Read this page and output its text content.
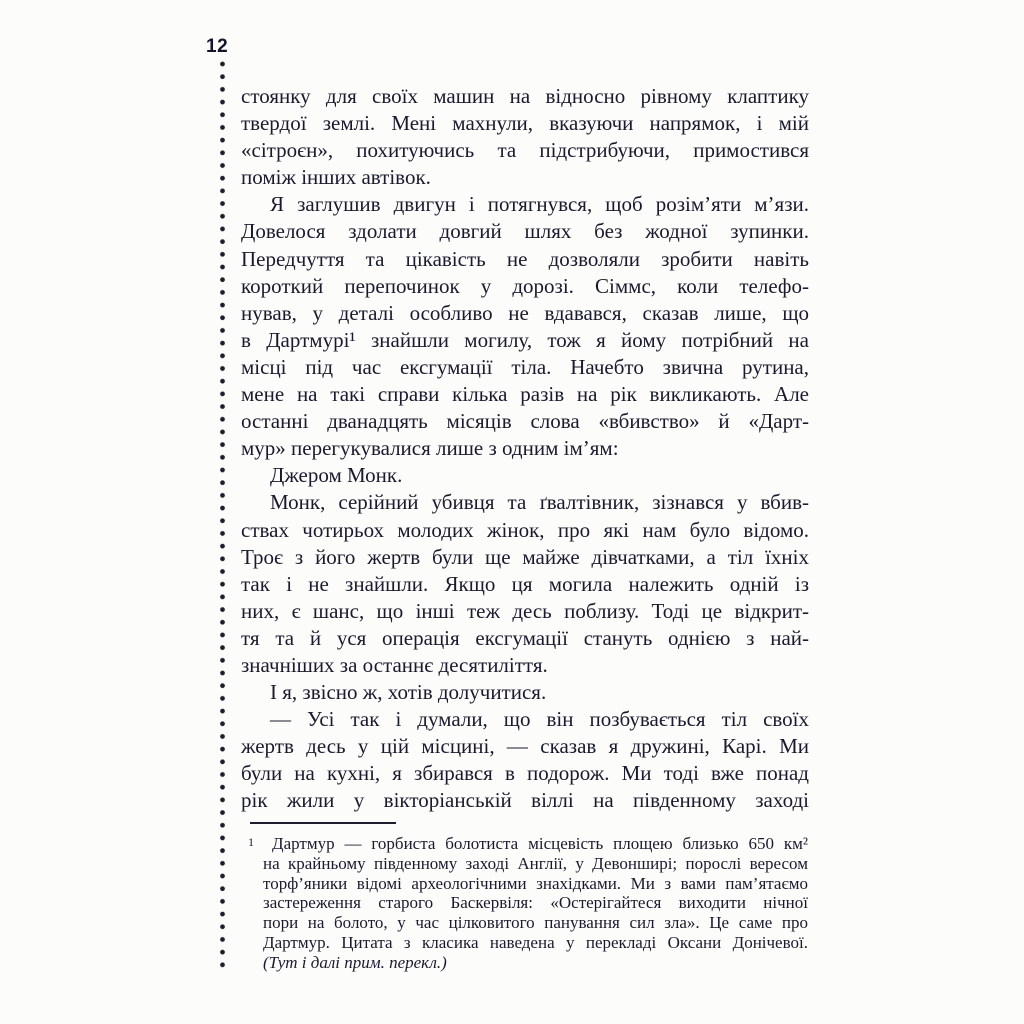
12
стоянку для своїх машин на відносно рівному клаптику
твердої землі. Мені махнули, вказуючи напрямок, і мій
«сітроєн», похитуючись та підстрибуючи, примостився
поміж інших автівок.
Я заглушив двигун і потягнувся, щоб розім’яти м’язи.
Довелося здолати довгий шлях без жодної зупинки.
Передчуття та цікавість не дозволяли зробити навіть
короткий перепочинок у дорозі. Сіммс, коли телефо-
нував, у деталі особливо не вдавався, сказав лише, що
в Дартмурі¹ знайшли могилу, тож я йому потрібний на
місці під час ексгумації тіла. Начебто звична рутина,
мене на такі справи кілька разів на рік викликають. Але
останні дванадцять місяців слова «вбивство» й «Дарт-
мур» перегукувалися лише з одним ім’ям:
Джером Монк.
Монк, серійний убивця та ґвалтівник, зізнався у вбив-
ствах чотирьох молодих жінок, про які нам було відомо.
Троє з його жертв були ще майже дівчатками, а тіл їхніх
так і не знайшли. Якщо ця могила належить одній із
них, є шанс, що інші теж десь поблизу. Тоді це відкрит-
тя та й уся операція ексгумації стануть однією з най-
значніших за останнє десятиліття.
І я, звісно ж, хотів долучитися.
— Усі так і думали, що він позбувається тіл своїх
жертв десь у цій місцині, — сказав я дружині, Карі. Ми
були на кухні, я збирався в подорож. Ми тоді вже понад
рік жили у вікторіанській віллі на південному заході
1	Дартмур — горбиста болотиста місцевість площею близько 650 км²
на крайньому південному заході Англії, у Девонширі; порослі вересом
торф’яники відомі археологічними знахідками. Ми з вами пам’ятаємо
застереження старого Баскервіля: «Остерігайтеся виходити нічної
пори на болото, у час цілковитого панування сил зла». Це саме про
Дартмур. Цитата з класика наведена у перекладі Оксани Донічевої.
(Тут і далі прим. перекл.)
